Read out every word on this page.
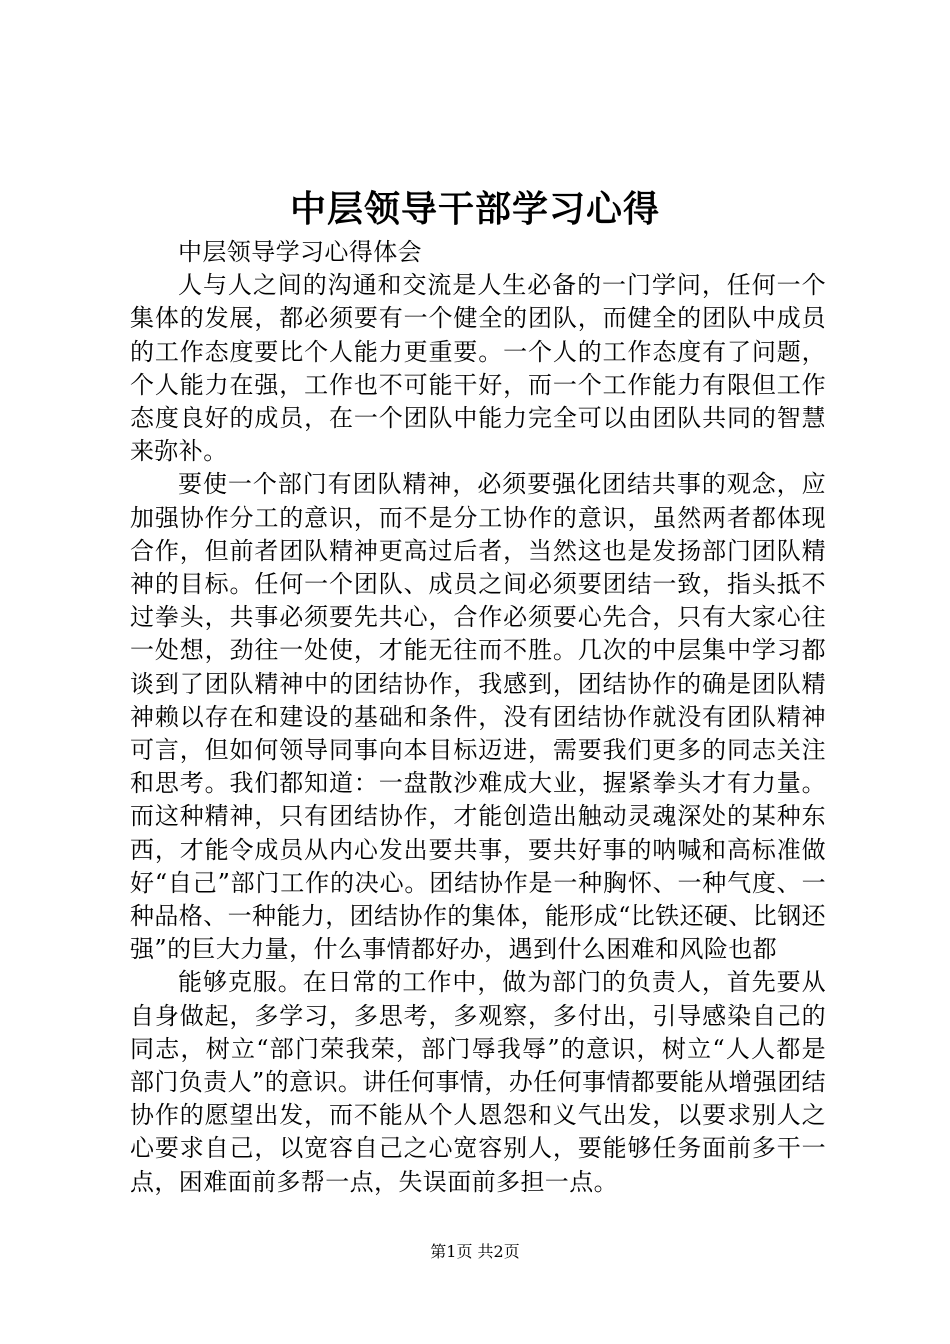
中层领导干部学习心得

中层领导学习心得体会

人与人之间的沟通和交流是人生必备的一门学问，任何一个集体的发展，都必须要有一个健全的团队，而健全的团队中成员的工作态度要比个人能力更重要。一个人的工作态度有了问题，个人能力在强，工作也不可能干好，而一个工作能力有限但工作态度良好的成员，在一个团队中能力完全可以由团队共同的智慧来弥补。

要使一个部门有团队精神，必须要强化团结共事的观念，应加强协作分工的意识，而不是分工协作的意识，虽然两者都体现合作，但前者团队精神更高过后者，当然这也是发扬部门团队精神的目标。任何一个团队、成员之间必须要团结一致，指头抵不过拳头，共事必须要先共心，合作必须要心先合，只有大家心往一处想，劲往一处使，才能无往而不胜。几次的中层集中学习都谈到了团队精神中的团结协作，我感到，团结协作的确是团队精神赖以存在和建设的基础和条件，没有团结协作就没有团队精神可言，但如何领导同事向本目标迈进，需要我们更多的同志关注和思考。我们都知道：一盘散沙难成大业，握紧拳头才有力量。而这种精神，只有团结协作，才能创造出触动灵魂深处的某种东西，才能令成员从内心发出要共事，要共好事的呐喊和高标准做好“自己”部门工作的决心。团结协作是一种胸怀、一种气度、一种品格、一种能力，团结协作的集体，能形成“比铁还硬、比钢还强”的巨大力量，什么事情都好办，遇到什么困难和风险也都

能够克服。在日常的工作中，做为部门的负责人，首先要从自身做起，多学习，多思考，多观察，多付出，引导感染自己的同志，树立“部门荣我荣，部门辱我辱”的意识，树立“人人都是部门负责人”的意识。讲任何事情，办任何事情都要能从增强团结协作的愿望出发，而不能从个人恩怨和义气出发，以要求别人之心要求自己，以宽容自己之心宽容别人，要能够任务面前多干一点，困难面前多帮一点，失误面前多担一点。

第1页 共2页
